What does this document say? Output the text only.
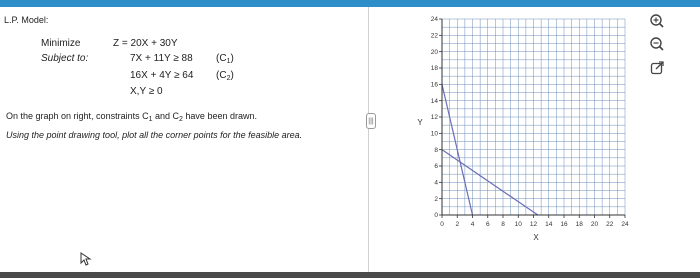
L.P. Model:
Minimize	Z = 20X + 30Y
Subject to:	7X + 11Y ≥ 88 $(C_1)$
16X + 4Y ≥ 64 $(C_2)$
X,Y ≥ 0
On the graph on right, constraints $C_1$ and $C_2$ have been drawn.
Using the point drawing tool, plot all the corner points for the feasible area.
|||
0 2 4 6 8 10 12 14 16 18 20 22 24
0
2
4
6
8
10
12
14
16
18
20
22
24
X
Y
